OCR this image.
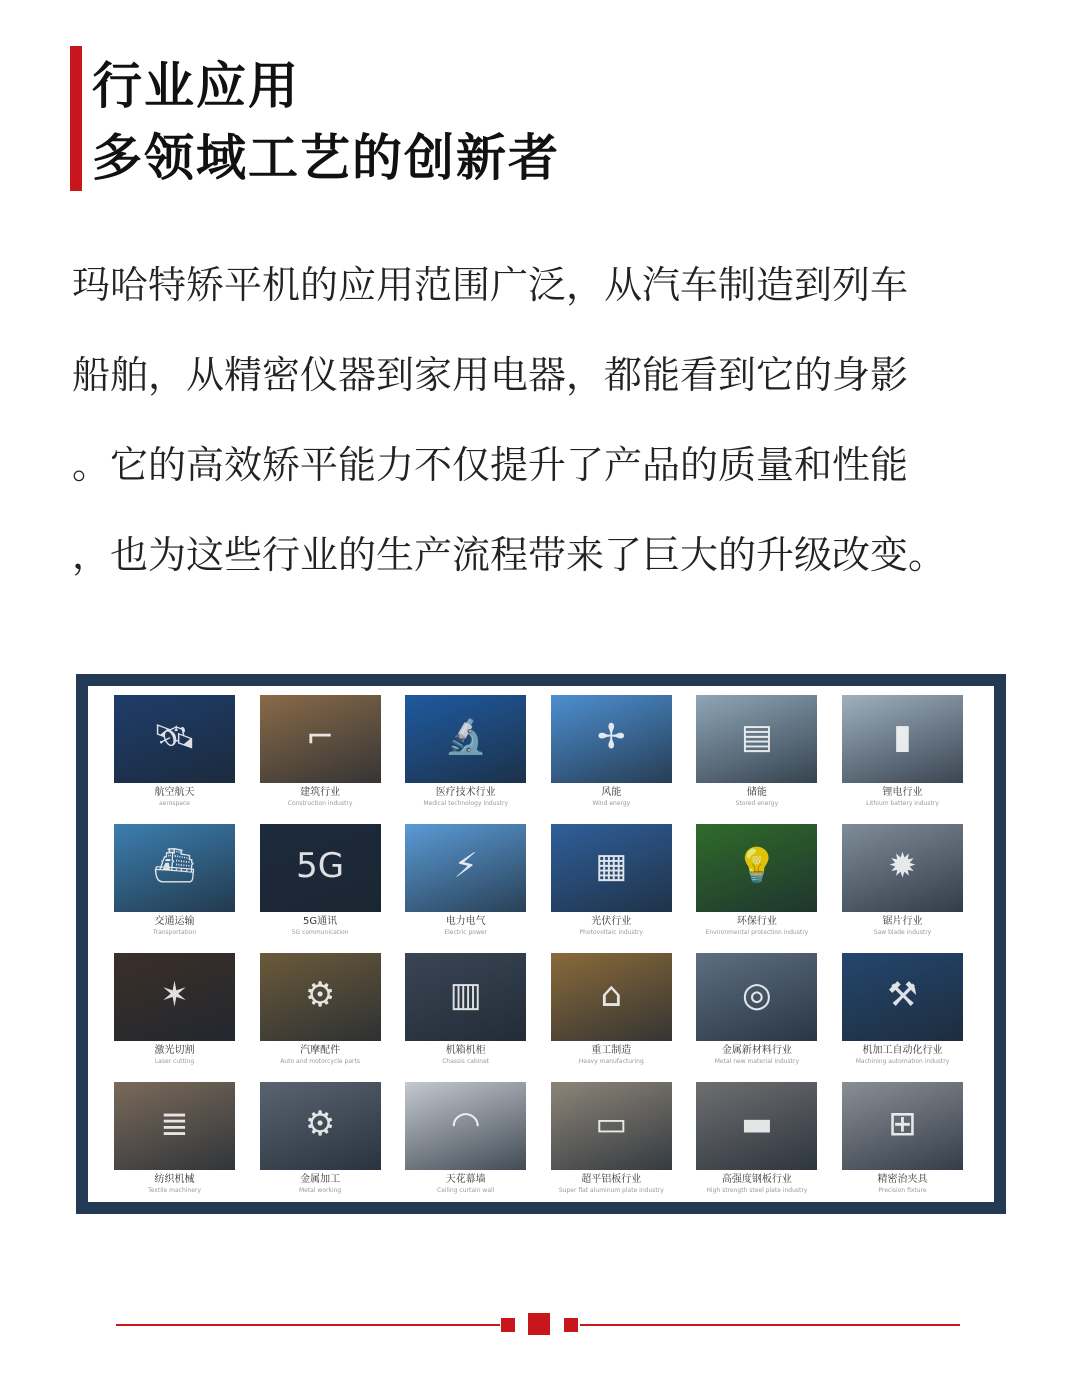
行业应用
多领域工艺的创新者
玛哈特矫平机的应用范围广泛，从汽车制造到列车
船舶，从精密仪器到家用电器，都能看到它的身影
。它的高效矫平能力不仅提升了产品的质量和性能
，也为这些行业的生产流程带来了巨大的升级改变。
🛰
航空航天
aerospace
⌐
建筑行业
Construction industry
🔬
医疗技术行业
Medical technology industry
✢
风能
Wind energy
▤
储能
Stored energy
▮
锂电行业
Lithium battery industry
⛴
交通运输
Transportation
5G
5G通讯
5G communication
⚡
电力电气
Electric power
▦
光伏行业
Photovoltaic industry
💡
环保行业
Environmental protection industry
✹
锯片行业
Saw blade industry
✶
激光切割
Laser cutting
⚙
汽摩配件
Auto and motorcycle parts
▥
机箱机柜
Chassis cabinet
⌂
重工制造
Heavy manufacturing
◎
金属新材料行业
Metal new material industry
⚒
机加工自动化行业
Machining automation industry
≣
纺织机械
Textile machinery
⚙
金属加工
Metal working
◠
天花幕墙
Ceiling curtain wall
▭
超平铝板行业
Super flat aluminum plate industry
▬
高强度钢板行业
High strength steel plate industry
⊞
精密治夹具
Precision fixture
